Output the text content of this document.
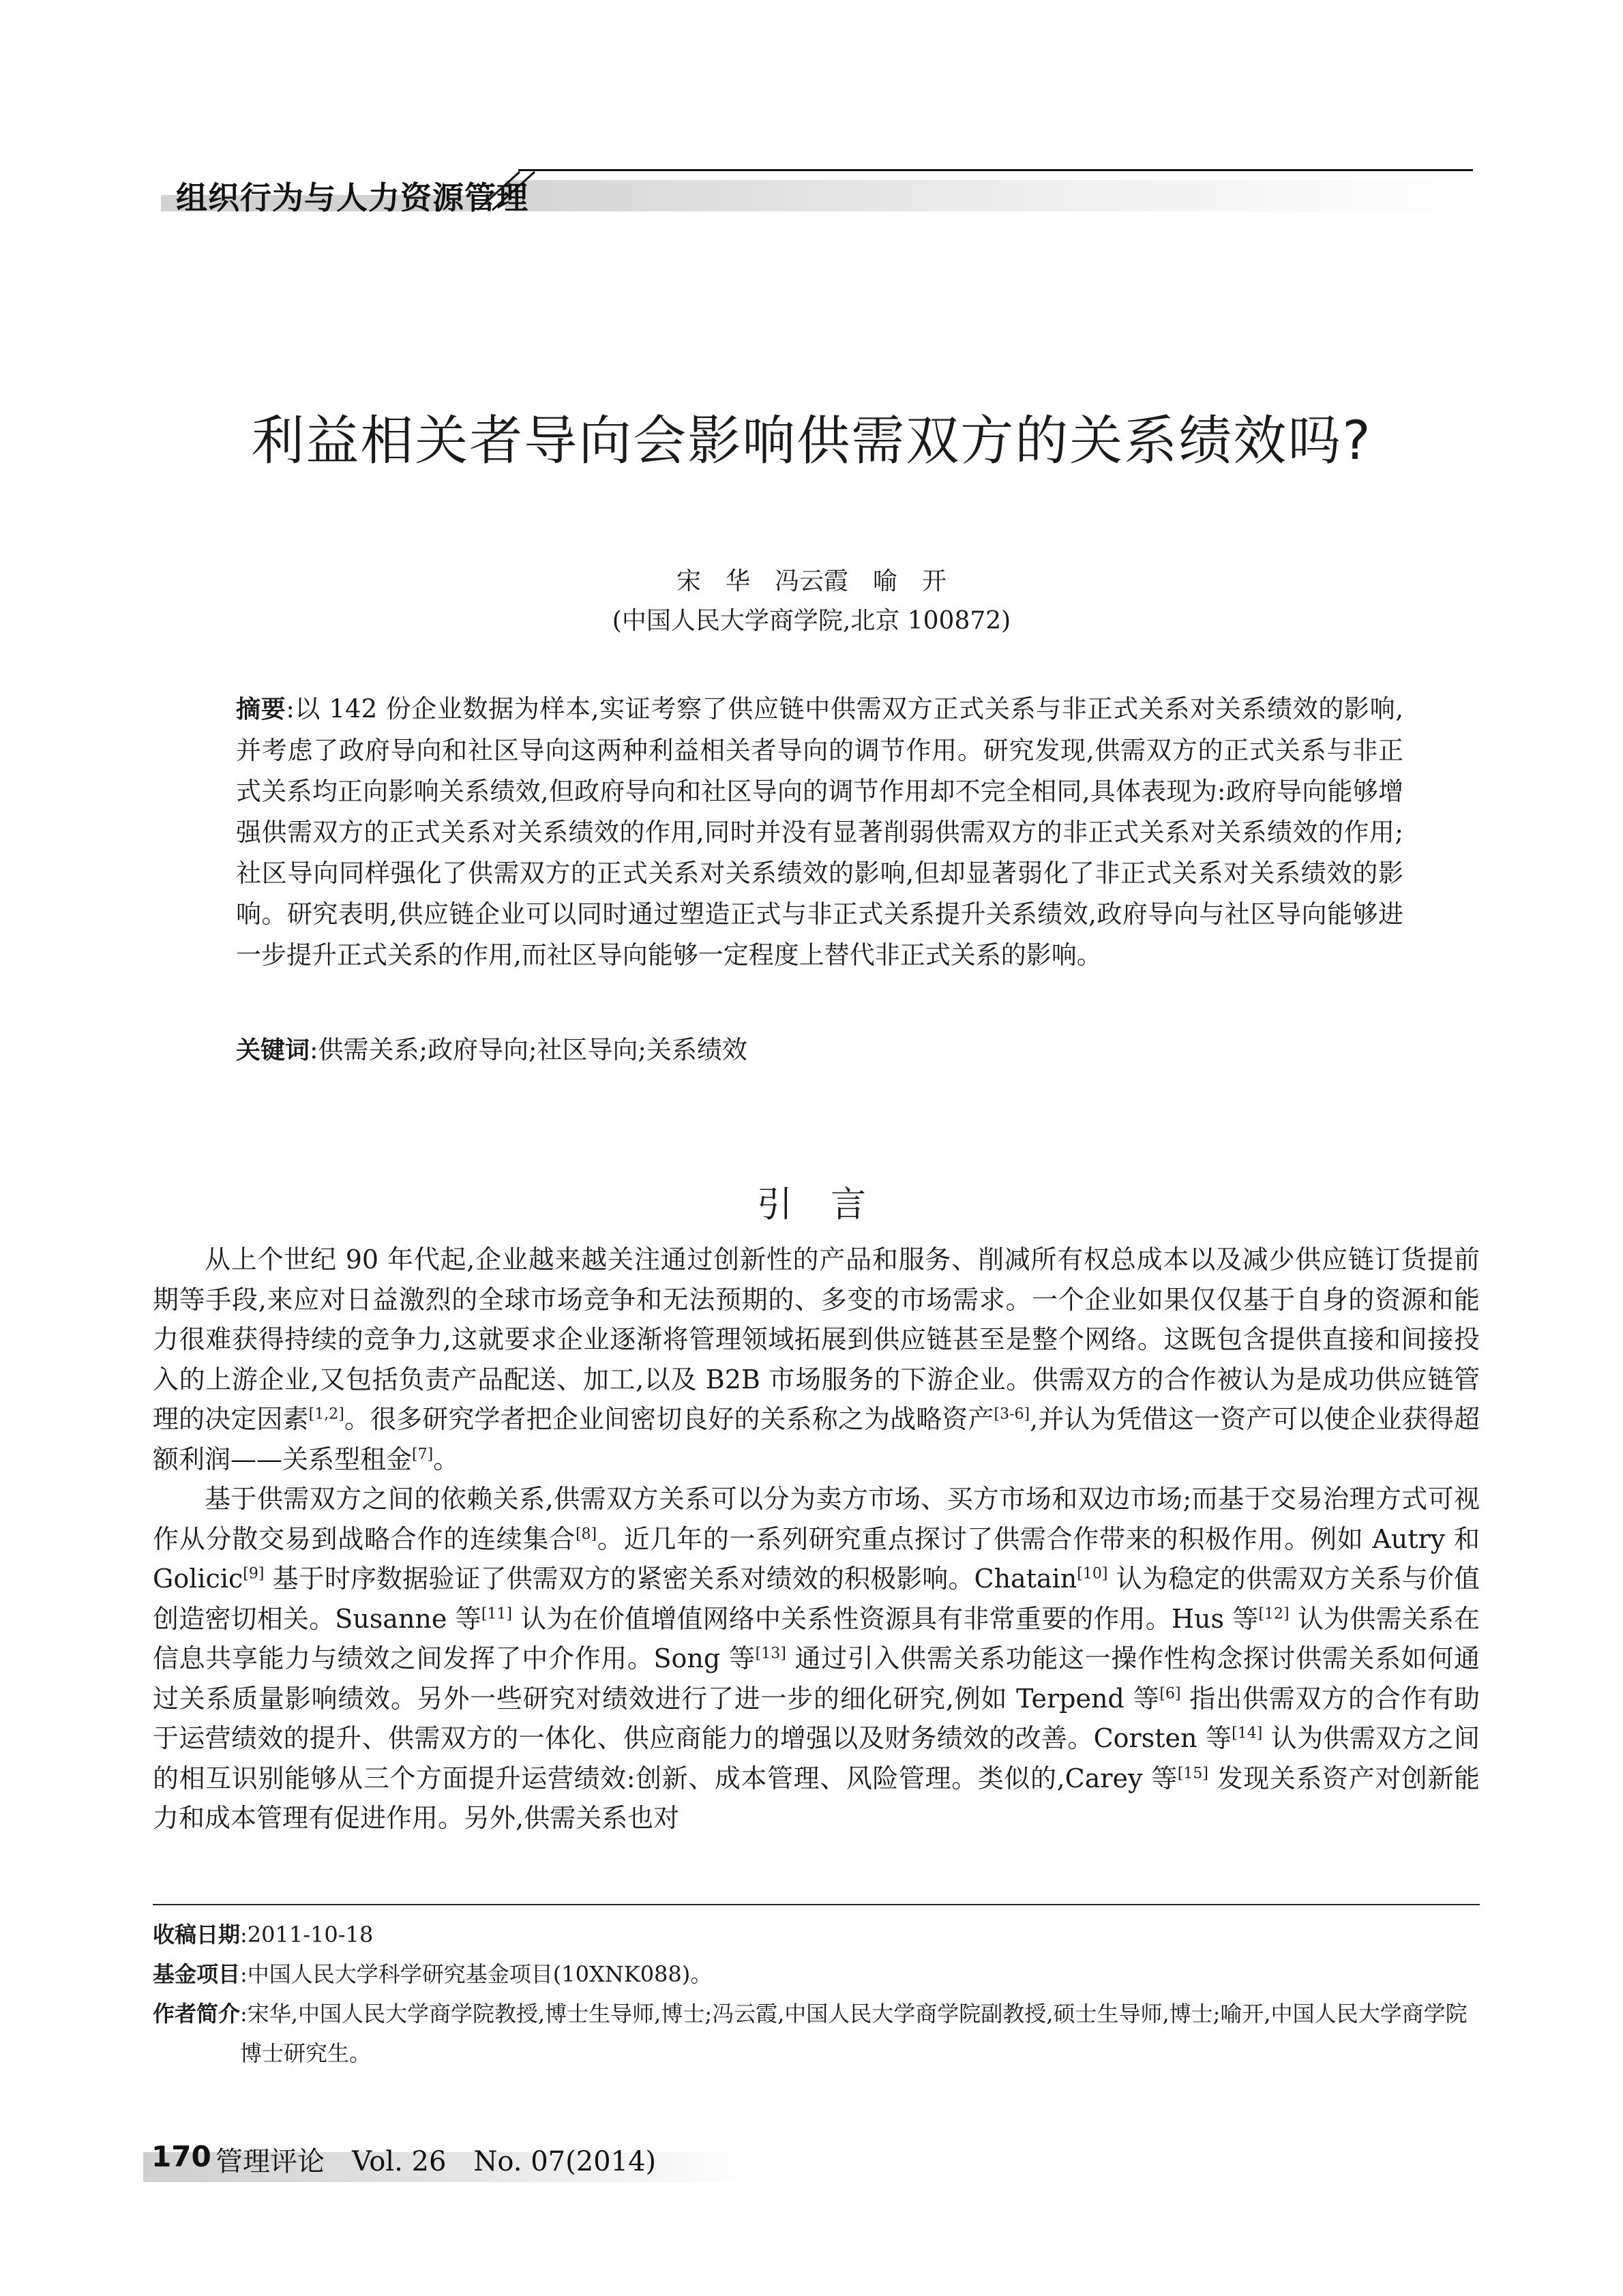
组织行为与人力资源管理
利益相关者导向会影响供需双方的关系绩效吗?
宋　华　冯云霞　喻　开
(中国人民大学商学院,北京 100872)
摘要:以 142 份企业数据为样本,实证考察了供应链中供需双方正式关系与非正式关系对关系绩效的影响,并考虑了政府导向和社区导向这两种利益相关者导向的调节作用。研究发现,供需双方的正式关系与非正式关系均正向影响关系绩效,但政府导向和社区导向的调节作用却不完全相同,具体表现为:政府导向能够增强供需双方的正式关系对关系绩效的作用,同时并没有显著削弱供需双方的非正式关系对关系绩效的作用;社区导向同样强化了供需双方的正式关系对关系绩效的影响,但却显著弱化了非正式关系对关系绩效的影响。研究表明,供应链企业可以同时通过塑造正式与非正式关系提升关系绩效,政府导向与社区导向能够进一步提升正式关系的作用,而社区导向能够一定程度上替代非正式关系的影响。
关键词:供需关系;政府导向;社区导向;关系绩效
引言

从上个世纪 90 年代起,企业越来越关注通过创新性的产品和服务、削减所有权总成本以及减少供应链订货提前期等手段,来应对日益激烈的全球市场竞争和无法预期的、多变的市场需求。一个企业如果仅仅基于自身的资源和能力很难获得持续的竞争力,这就要求企业逐渐将管理领域拓展到供应链甚至是整个网络。这既包含提供直接和间接投入的上游企业,又包括负责产品配送、加工,以及 B2B 市场服务的下游企业。供需双方的合作被认为是成功供应链管理的决定因素[1,2]。很多研究学者把企业间密切良好的关系称之为战略资产[3-6],并认为凭借这一资产可以使企业获得超额利润——关系型租金[7]。

基于供需双方之间的依赖关系,供需双方关系可以分为卖方市场、买方市场和双边市场;而基于交易治理方式可视作从分散交易到战略合作的连续集合[8]。近几年的一系列研究重点探讨了供需合作带来的积极作用。例如 Autry 和 Golicic[9] 基于时序数据验证了供需双方的紧密关系对绩效的积极影响。Chatain[10] 认为稳定的供需双方关系与价值创造密切相关。Susanne 等[11] 认为在价值增值网络中关系性资源具有非常重要的作用。Hus 等[12] 认为供需关系在信息共享能力与绩效之间发挥了中介作用。Song 等[13] 通过引入供需关系功能这一操作性构念探讨供需关系如何通过关系质量影响绩效。另外一些研究对绩效进行了进一步的细化研究,例如 Terpend 等[6] 指出供需双方的合作有助于运营绩效的提升、供需双方的一体化、供应商能力的增强以及财务绩效的改善。Corsten 等[14] 认为供需双方之间的相互识别能够从三个方面提升运营绩效:创新、成本管理、风险管理。类似的,Carey 等[15] 发现关系资产对创新能力和成本管理有促进作用。另外,供需关系也对

收稿日期 :2011-10-18
基金项目 :中国人民大学科学研究基金项目(10XNK088)。
作者简介 :宋华,中国人民大学商学院教授,博士生导师,博士;冯云霞,中国人民大学商学院副教授,硕士生导师,博士;喻开,中国人民大学商学院博士研究生。
170 管理评论　Vol. 26　No. 07(2014)
